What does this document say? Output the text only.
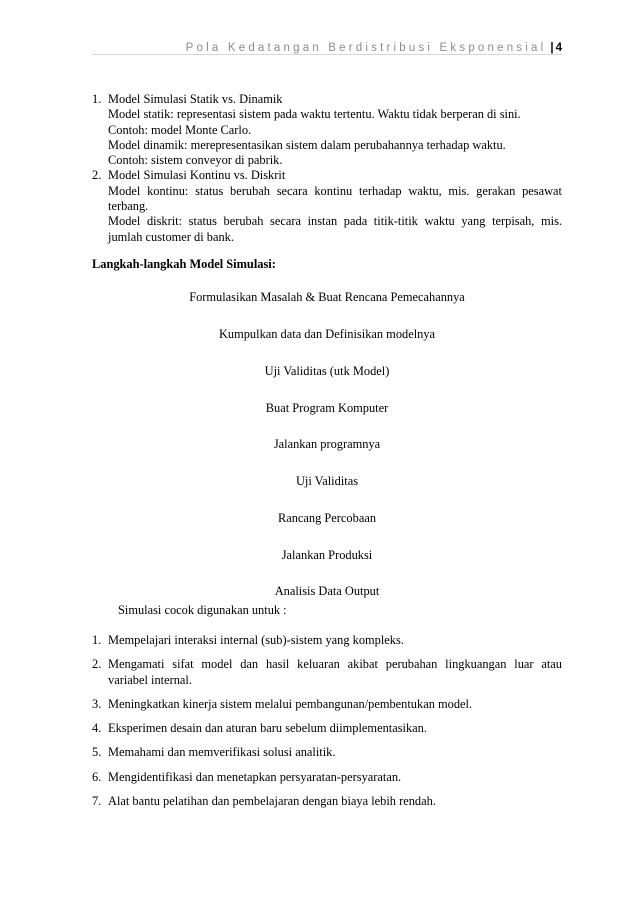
Pola Kedatangan Berdistribusi Eksponensial | 4
1. Model Simulasi Statik vs. Dinamik
Model statik: representasi sistem pada waktu tertentu. Waktu tidak berperan di sini.
Contoh: model Monte Carlo.
Model dinamik: merepresentasikan sistem dalam perubahannya terhadap waktu.
Contoh: sistem conveyor di pabrik.
2. Model Simulasi Kontinu vs. Diskrit
Model kontinu: status berubah secara kontinu terhadap waktu, mis. gerakan pesawat
terbang.
Model diskrit: status berubah secara instan pada titik-titik waktu yang terpisah, mis.
jumlah customer di bank.
Langkah-langkah Model Simulasi:
Formulasikan Masalah & Buat Rencana Pemecahannya
Kumpulkan data dan Definisikan modelnya
Uji Validitas (utk Model)
Buat Program Komputer
Jalankan programnya
Uji Validitas
Rancang Percobaan
Jalankan Produksi
Analisis Data Output
Simulasi cocok digunakan untuk :
1. Mempelajari interaksi internal (sub)-sistem yang kompleks.
2. Mengamati sifat model dan hasil keluaran akibat perubahan lingkuangan luar atau
variabel internal.
3. Meningkatkan kinerja sistem melalui pembangunan/pembentukan model.
4. Eksperimen desain dan aturan baru sebelum diimplementasikan.
5. Memahami dan memverifikasi solusi analitik.
6. Mengidentifikasi dan menetapkan persyaratan-persyaratan.
7. Alat bantu pelatihan dan pembelajaran dengan biaya lebih rendah.
